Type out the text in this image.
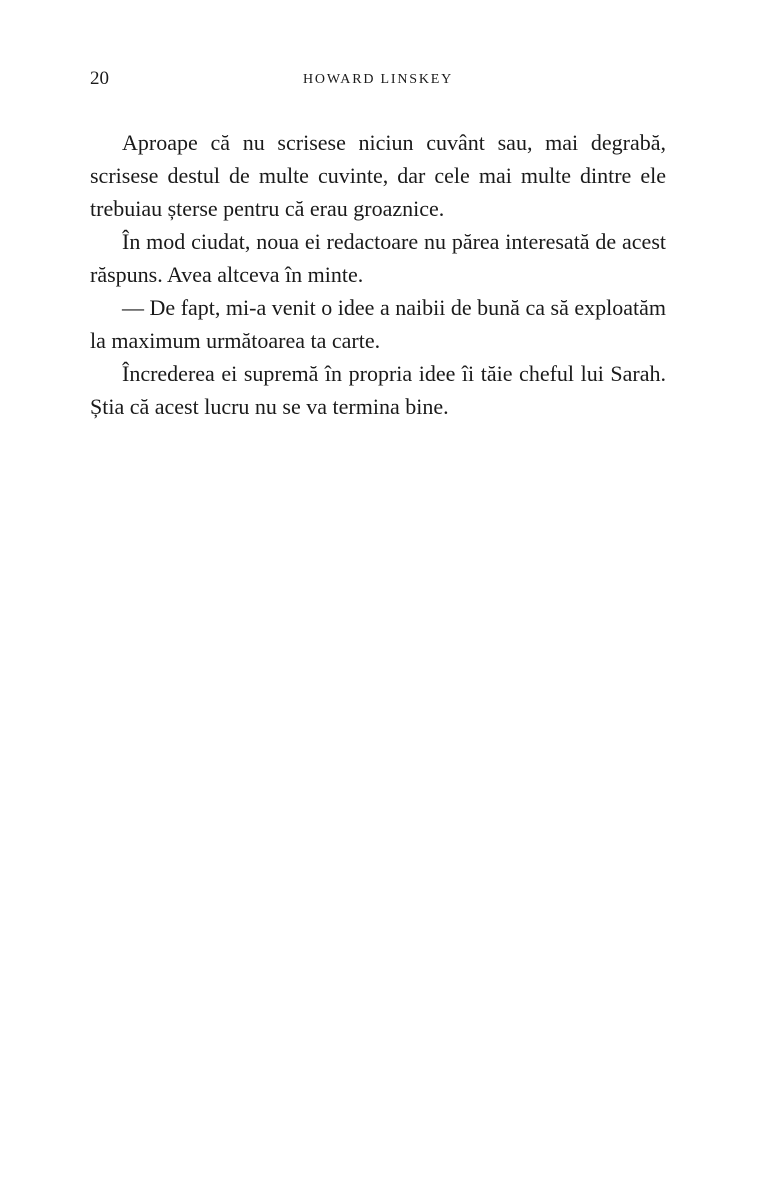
20	HOWARD LINSKEY

Aproape că nu scrisese niciun cuvânt sau, mai degrabă, scrisese destul de multe cuvinte, dar cele mai multe dintre ele trebuiau șterse pentru că erau groaznice.

În mod ciudat, noua ei redactoare nu părea interesată de acest răspuns. Avea altceva în minte.

— De fapt, mi-a venit o idee a naibii de bună ca să exploatăm la maximum următoarea ta carte.

Încrederea ei supremă în propria idee îi tăie cheful lui Sarah. Știa că acest lucru nu se va termina bine.
